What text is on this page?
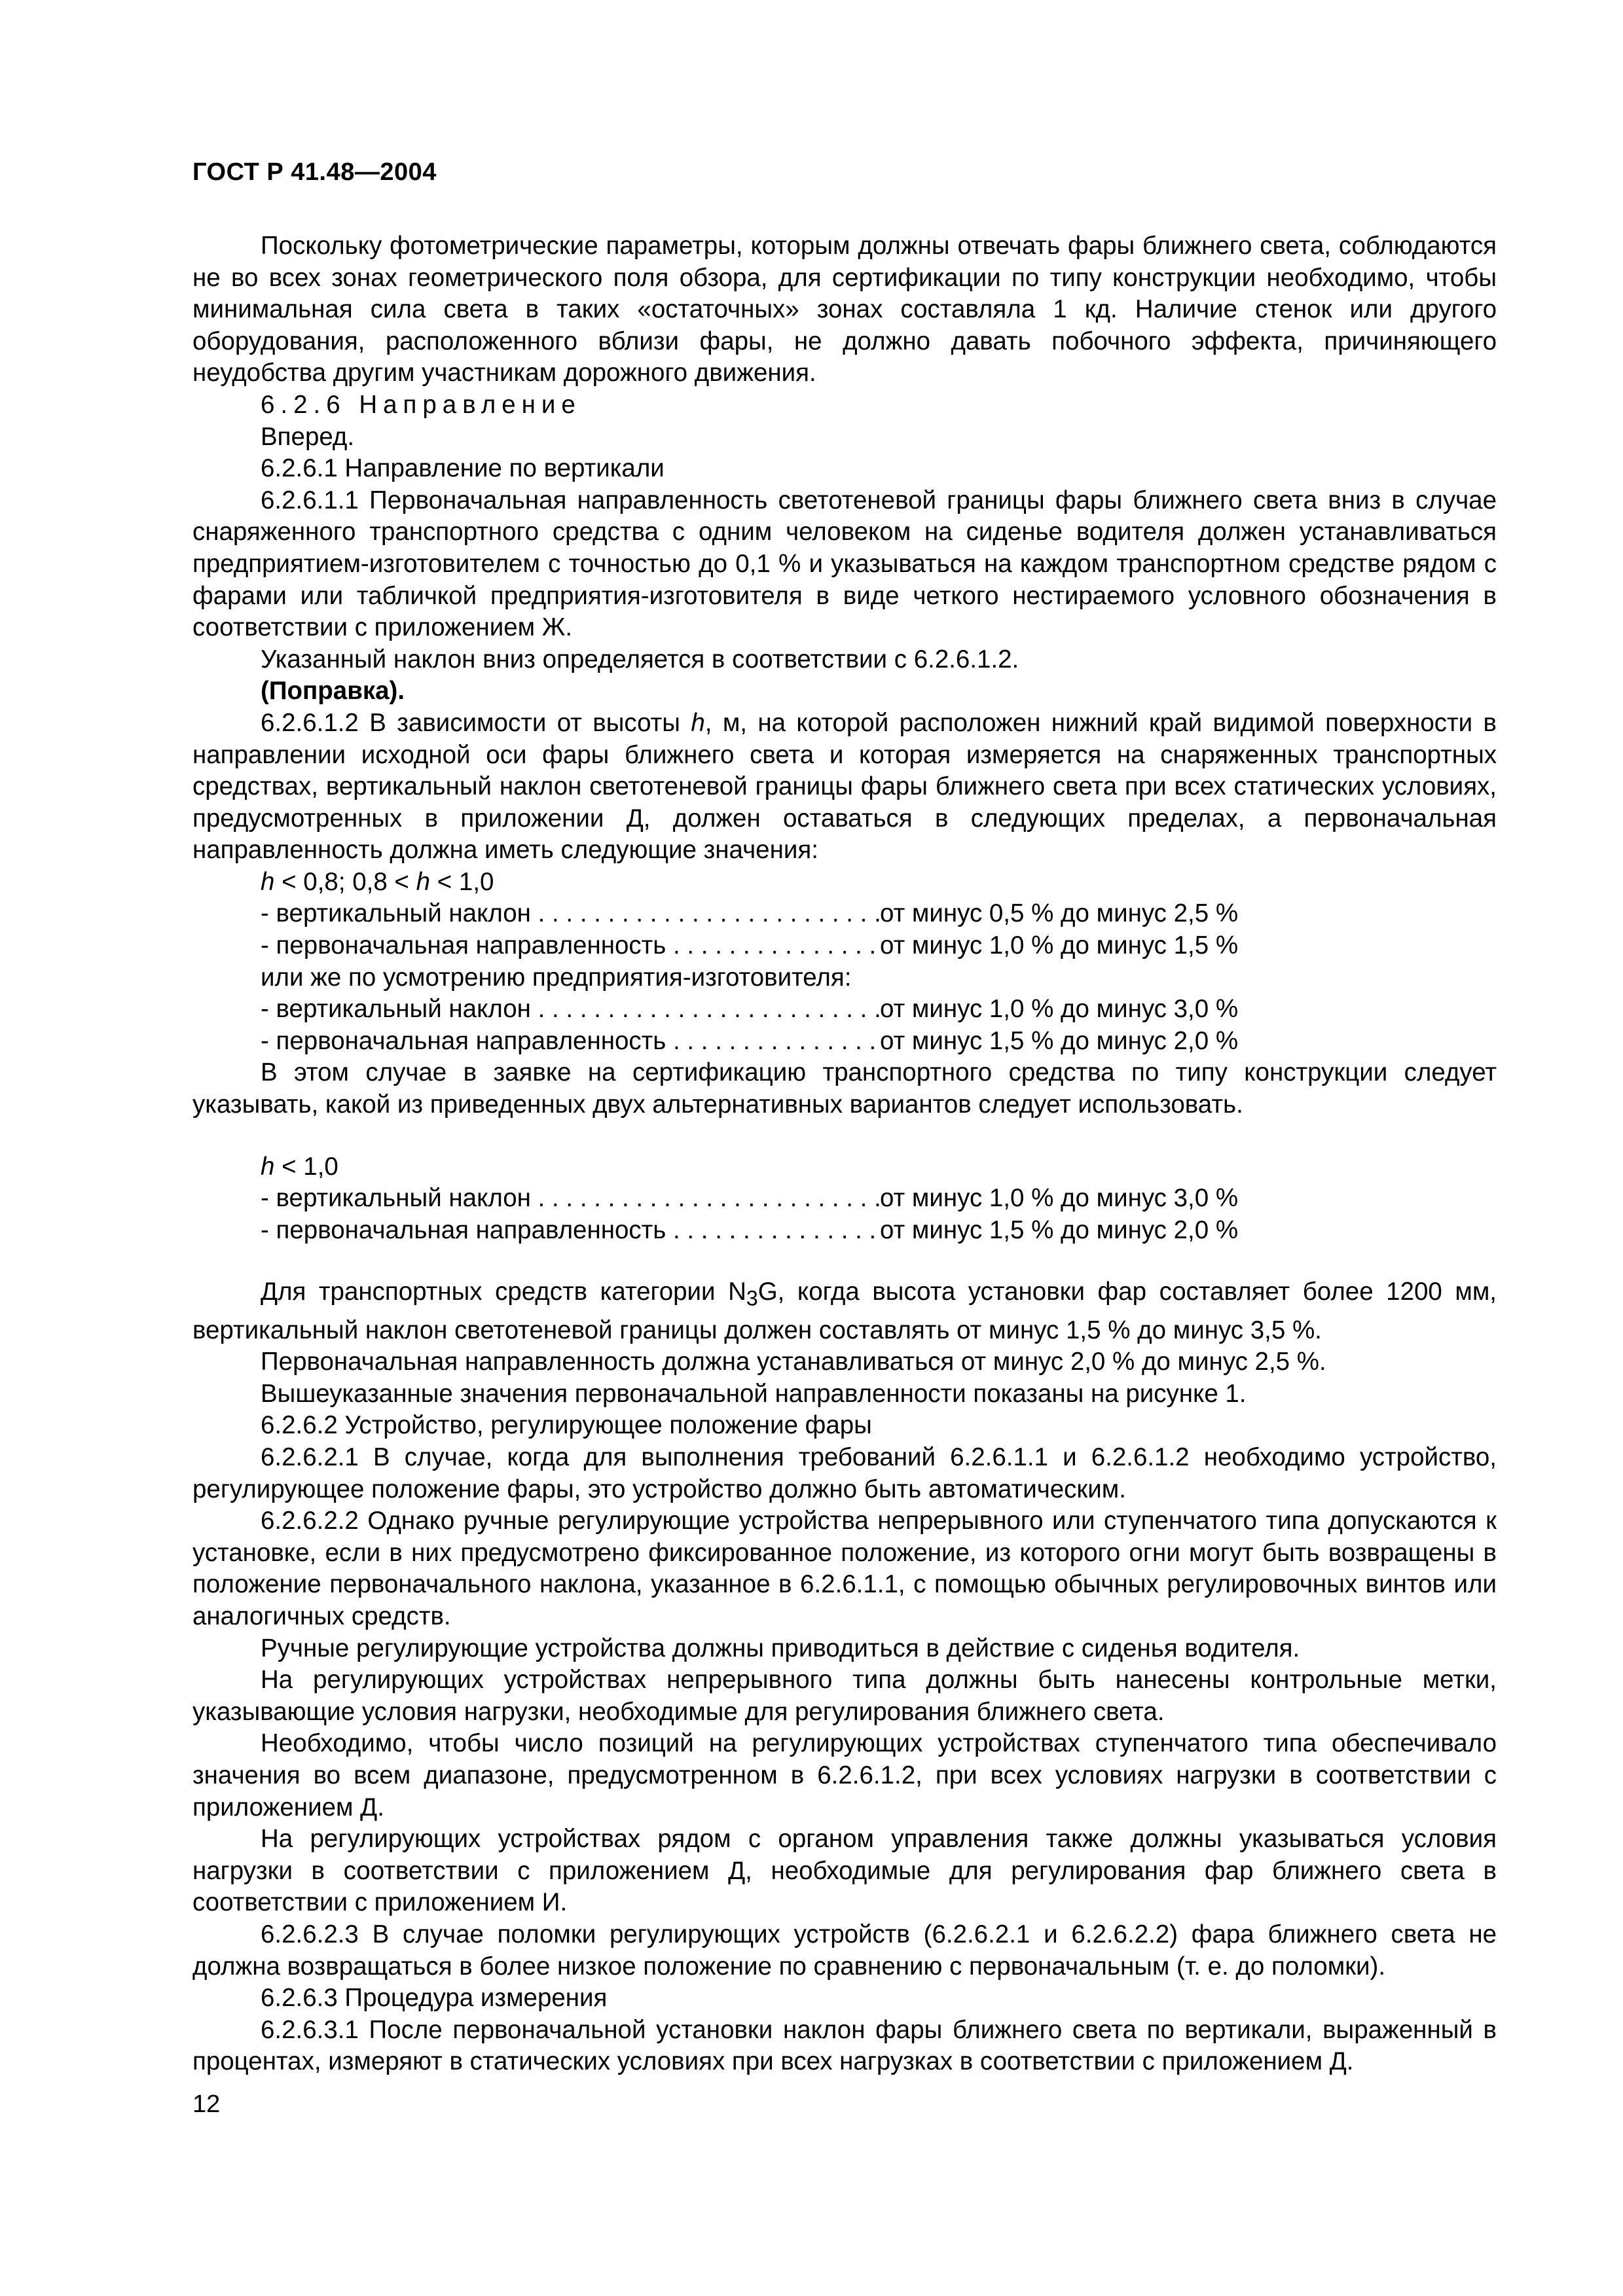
ГОСТ Р 41.48—2004

Поскольку фотометрические параметры, которым должны отвечать фары ближнего света, соблюдаются не во всех зонах геометрического поля обзора, для сертификации по типу конструкции необходимо, чтобы минимальная сила света в таких «остаточных» зонах составляла 1 кд. Наличие стенок или другого оборудования, расположенного вблизи фары, не должно давать побочного эффекта, причиняющего неудобства другим участникам дорожного движения.

6.2.6 Направление

Вперед.

6.2.6.1 Направление по вертикали

6.2.6.1.1 Первоначальная направленность светотеневой границы фары ближнего света вниз в случае снаряженного транспортного средства с одним человеком на сиденье водителя должен устанавливаться предприятием-изготовителем с точностью до 0,1 % и указываться на каждом транспортном средстве рядом с фарами или табличкой предприятия-изготовителя в виде четкого нестираемого условного обозначения в соответствии с приложением Ж.

Указанный наклон вниз определяется в соответствии с 6.2.6.1.2.

(Поправка).

6.2.6.1.2 В зависимости от высоты h, м, на которой расположен нижний край видимой поверхности в направлении исходной оси фары ближнего света и которая измеряется на снаряженных транспортных средствах, вертикальный наклон светотеневой границы фары ближнего света при всех статических условиях, предусмотренных в приложении Д, должен оставаться в следующих пределах, а первоначальная направленность должна иметь следующие значения:

h < 0,8; 0,8 < h < 1,0

- вертикальный наклон . . .	от минус 0,5 % до минус 2,5 %
- первоначальная направленность . . .	от минус 1,0 % до минус 1,5 %

или же по усмотрению предприятия-изготовителя:

- вертикальный наклон . . .	от минус 1,0 % до минус 3,0 %
- первоначальная направленность . . .	от минус 1,5 % до минус 2,0 %

В этом случае в заявке на сертификацию транспортного средства по типу конструкции следует указывать, какой из приведенных двух альтернативных вариантов следует использовать.

h < 1,0

- вертикальный наклон . . .	от минус 1,0 % до минус 3,0 %
- первоначальная направленность . . .	от минус 1,5 % до минус 2,0 %

Для транспортных средств категории $N_3G$, когда высота установки фар составляет более 1200 мм, вертикальный наклон светотеневой границы должен составлять от минус 1,5 % до минус 3,5 %.

Первоначальная направленность должна устанавливаться от минус 2,0 % до минус 2,5 %.

Вышеуказанные значения первоначальной направленности показаны на рисунке 1.

6.2.6.2 Устройство, регулирующее положение фары

6.2.6.2.1 В случае, когда для выполнения требований 6.2.6.1.1 и 6.2.6.1.2 необходимо устройство, регулирующее положение фары, это устройство должно быть автоматическим.

6.2.6.2.2 Однако ручные регулирующие устройства непрерывного или ступенчатого типа допускаются к установке, если в них предусмотрено фиксированное положение, из которого огни могут быть возвращены в положение первоначального наклона, указанное в 6.2.6.1.1, с помощью обычных регулировочных винтов или аналогичных средств.

Ручные регулирующие устройства должны приводиться в действие с сиденья водителя.

На регулирующих устройствах непрерывного типа должны быть нанесены контрольные метки, указывающие условия нагрузки, необходимые для регулирования ближнего света.

Необходимо, чтобы число позиций на регулирующих устройствах ступенчатого типа обеспечивало значения во всем диапазоне, предусмотренном в 6.2.6.1.2, при всех условиях нагрузки в соответствии с приложением Д.

На регулирующих устройствах рядом с органом управления также должны указываться условия нагрузки в соответствии с приложением Д, необходимые для регулирования фар ближнего света в соответствии с приложением И.

6.2.6.2.3 В случае поломки регулирующих устройств (6.2.6.2.1 и 6.2.6.2.2) фара ближнего света не должна возвращаться в более низкое положение по сравнению с первоначальным (т. е. до поломки).

6.2.6.3 Процедура измерения

6.2.6.3.1 После первоначальной установки наклон фары ближнего света по вертикали, выраженный в процентах, измеряют в статических условиях при всех нагрузках в соответствии с приложением Д.

12
